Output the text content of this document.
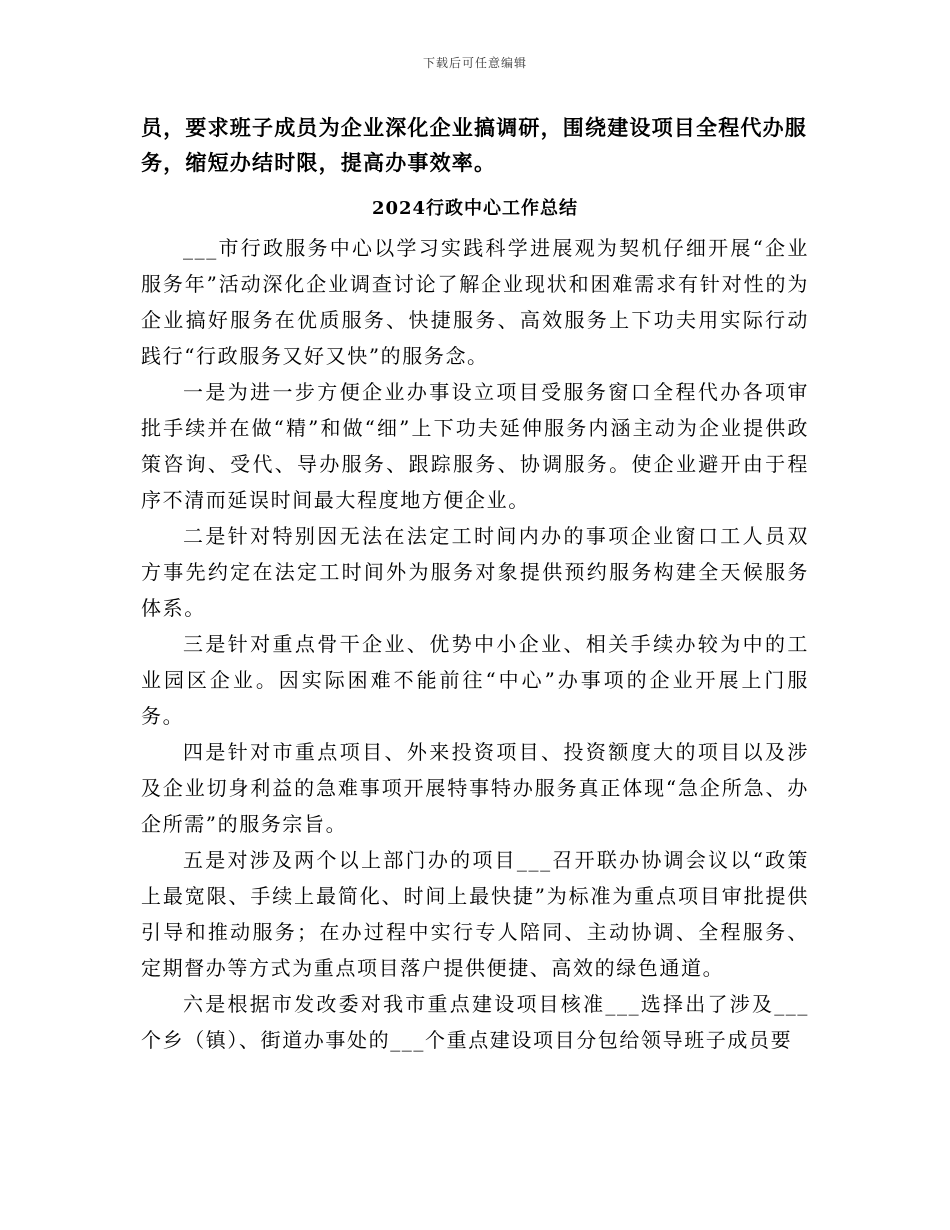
下载后可任意编辑

员，要求班子成员为企业深化企业搞调研，围绕建设项目全程代办服务，缩短办结时限，提高办事效率。

2024行政中心工作总结

___市行政服务中心以学习实践科学进展观为契机仔细开展“企业服务年”活动深化企业调查讨论了解企业现状和困难需求有针对性的为企业搞好服务在优质服务、快捷服务、高效服务上下功夫用实际行动践行“行政服务又好又快”的服务念。

一是为进一步方便企业办事设立项目受服务窗口全程代办各项审批手续并在做“精”和做“细”上下功夫延伸服务内涵主动为企业提供政策咨询、受代、导办服务、跟踪服务、协调服务。使企业避开由于程序不清而延误时间最大程度地方便企业。

二是针对特别因无法在法定工时间内办的事项企业窗口工人员双方事先约定在法定工时间外为服务对象提供预约服务构建全天候服务体系。

三是针对重点骨干企业、优势中小企业、相关手续办较为中的工业园区企业。因实际困难不能前往“中心”办事项的企业开展上门服务。

四是针对市重点项目、外来投资项目、投资额度大的项目以及涉及企业切身利益的急难事项开展特事特办服务真正体现“急企所急、办企所需”的服务宗旨。

五是对涉及两个以上部门办的项目___召开联办协调会议以“政策上最宽限、手续上最简化、时间上最快捷”为标准为重点项目审批提供引导和推动服务；在办过程中实行专人陪同、主动协调、全程服务、定期督办等方式为重点项目落户提供便捷、高效的绿色通道。

六是根据市发改委对我市重点建设项目核准___选择出了涉及___个乡（镇）、街道办事处的___个重点建设项目分包给领导班子成员要
